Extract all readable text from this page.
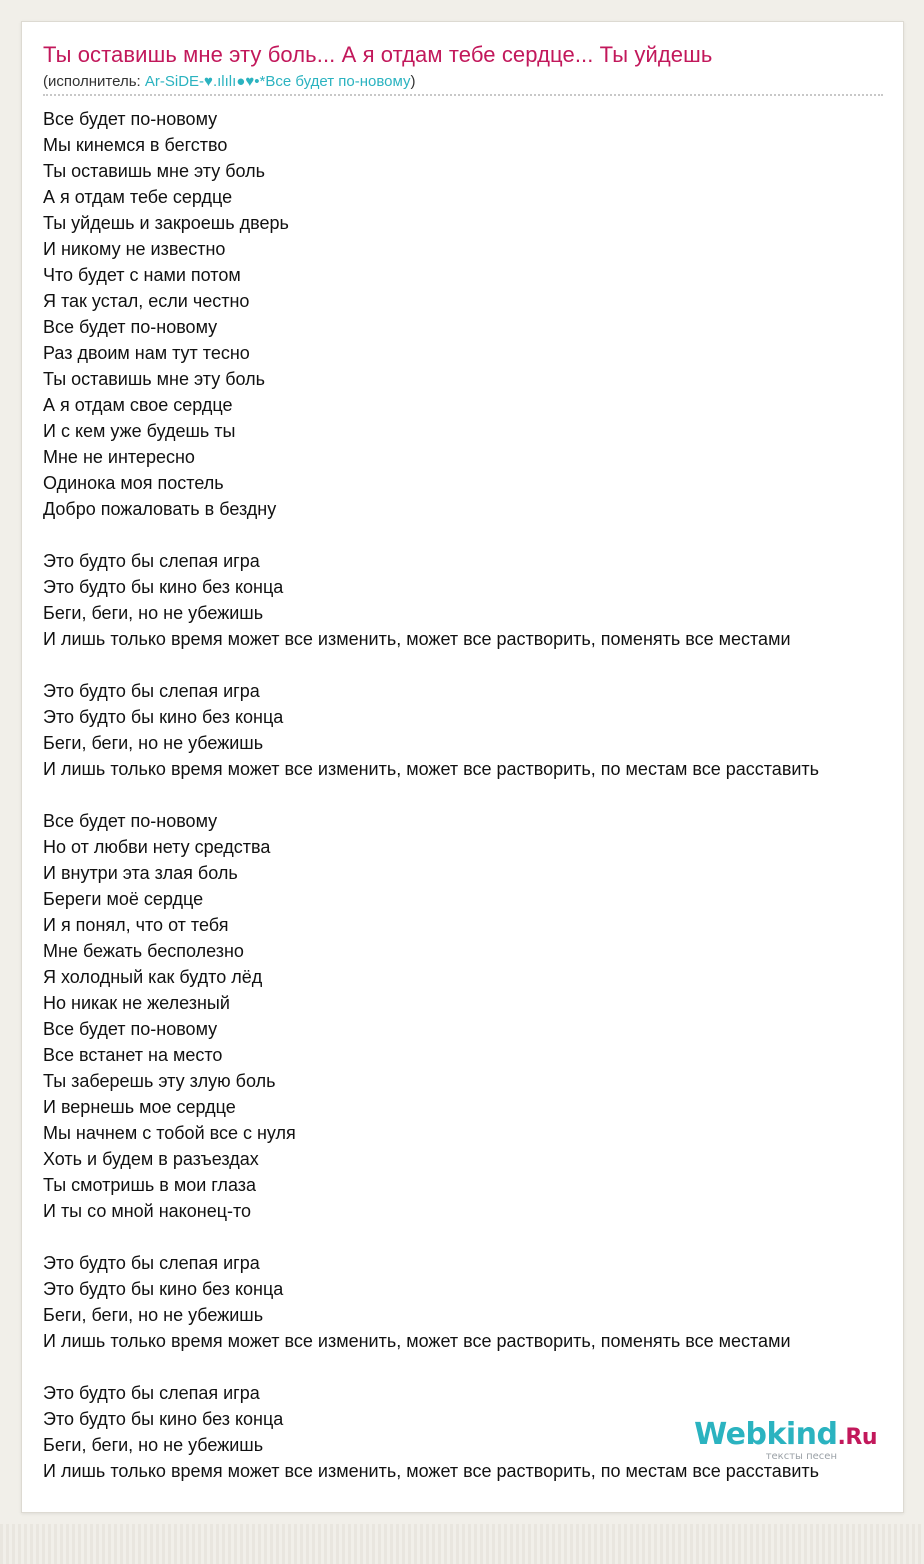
Ты оставишь мне эту боль... А я отдам тебе сердце... Ты уйдешь
(исполнитель: Ar-SiDE-♥.ılılı●♥•*Все будет по-новому)
Все будет по-новому
Мы кинемся в бегство
Ты оставишь мне эту боль
А я отдам тебе сердце
Ты уйдешь и закроешь дверь
И никому не известно
Что будет с нами потом
Я так устал, если честно
Все будет по-новому
Раз двоим нам тут тесно
Ты оставишь мне эту боль
А я отдам свое сердце
И с кем уже будешь ты
Мне не интересно
Одинока моя постель
Добро пожаловать в бездну
Это будто бы слепая игра
Это будто бы кино без конца
Беги, беги, но не убежишь
И лишь только время может все изменить, может все растворить, поменять все местами
Это будто бы слепая игра
Это будто бы кино без конца
Беги, беги, но не убежишь
И лишь только время может все изменить, может все растворить, по местам все расставить
Все будет по-новому
Но от любви нету средства
И внутри эта злая боль
Береги моё сердце
И я понял, что от тебя
Мне бежать бесполезно
Я холодный как будто лёд
Но никак не железный
Все будет по-новому
Все встанет на место
Ты заберешь эту злую боль
И вернешь мое сердце
Мы начнем с тобой все с нуля
Хоть и будем в разъездах
Ты смотришь в мои глаза
И ты со мной наконец-то
Это будто бы слепая игра
Это будто бы кино без конца
Беги, беги, но не убежишь
И лишь только время может все изменить, может все растворить, поменять все местами
Это будто бы слепая игра
Это будто бы кино без конца
Беги, беги, но не убежишь
И лишь только время может все изменить, может все растворить, по местам все расставить
Webkind.Ru
тексты песен
